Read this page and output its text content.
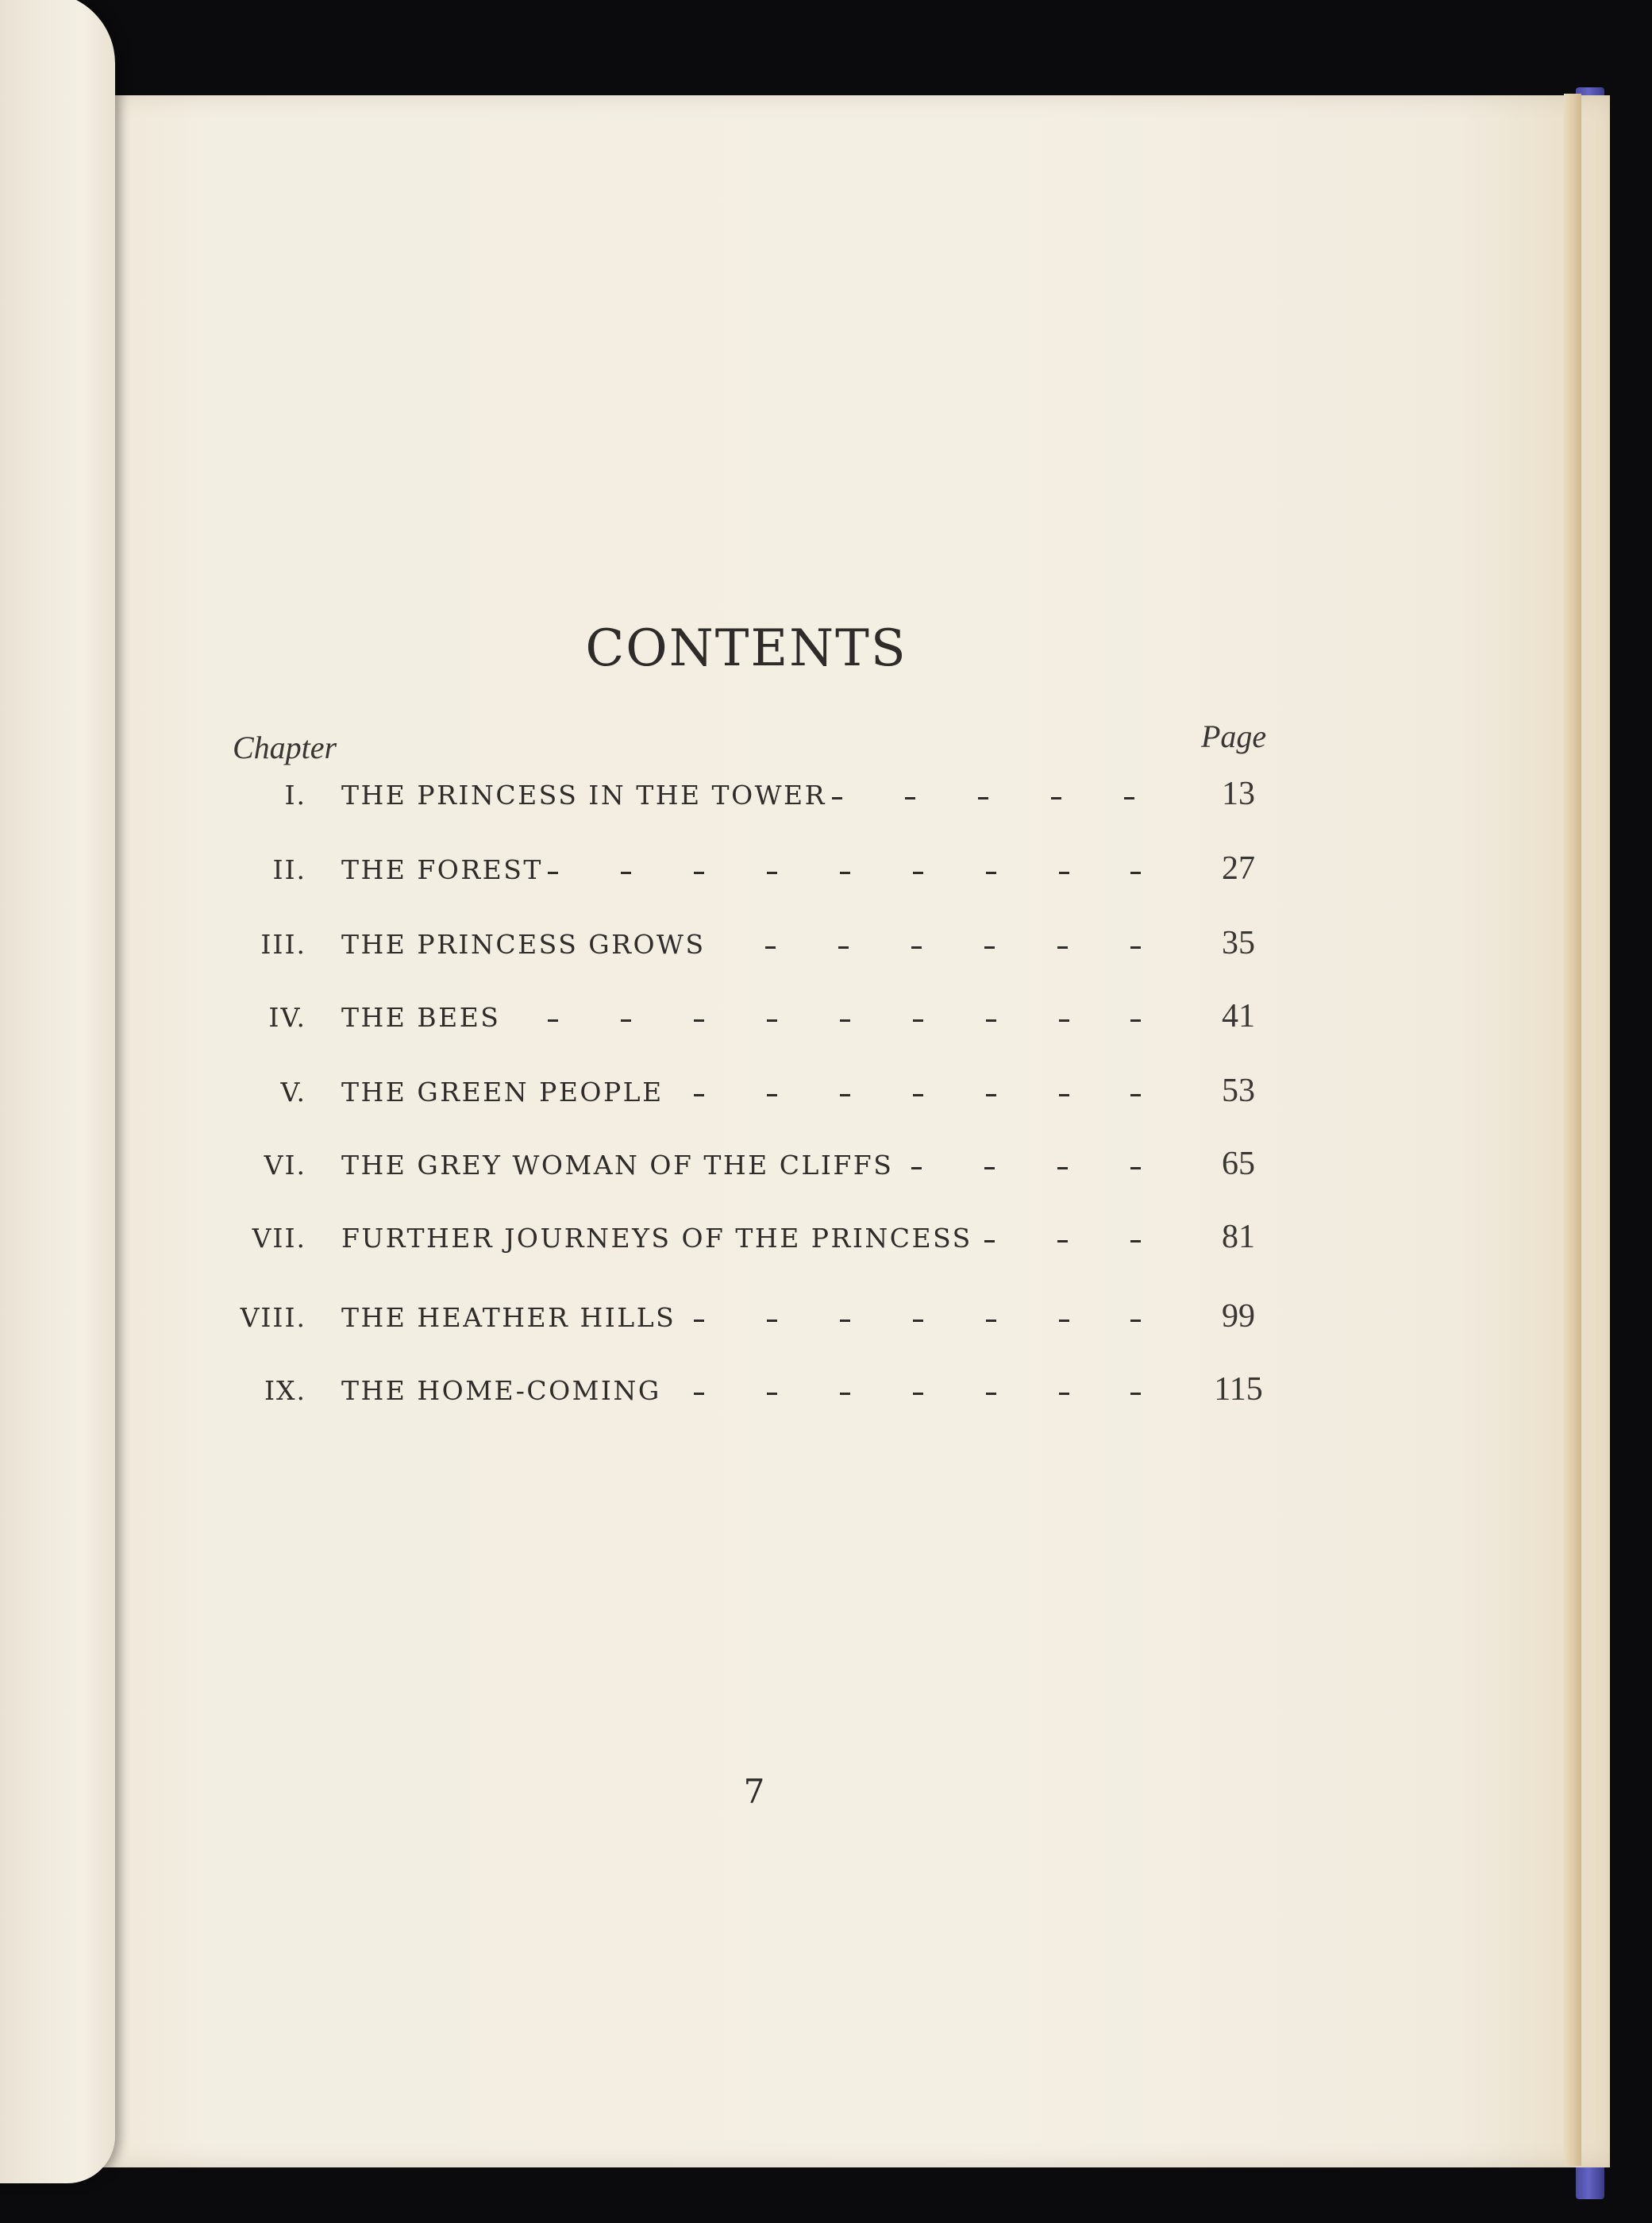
CONTENTS
Chapter	Page
I. THE PRINCESS IN THE TOWER	13
II. THE FOREST	27
III. THE PRINCESS GROWS	35
IV. THE BEES	41
V. THE GREEN PEOPLE	53
VI. THE GREY WOMAN OF THE CLIFFS	65
VII. FURTHER JOURNEYS OF THE PRINCESS	81
VIII. THE HEATHER HILLS	99
IX. THE HOME-COMING	115
7
